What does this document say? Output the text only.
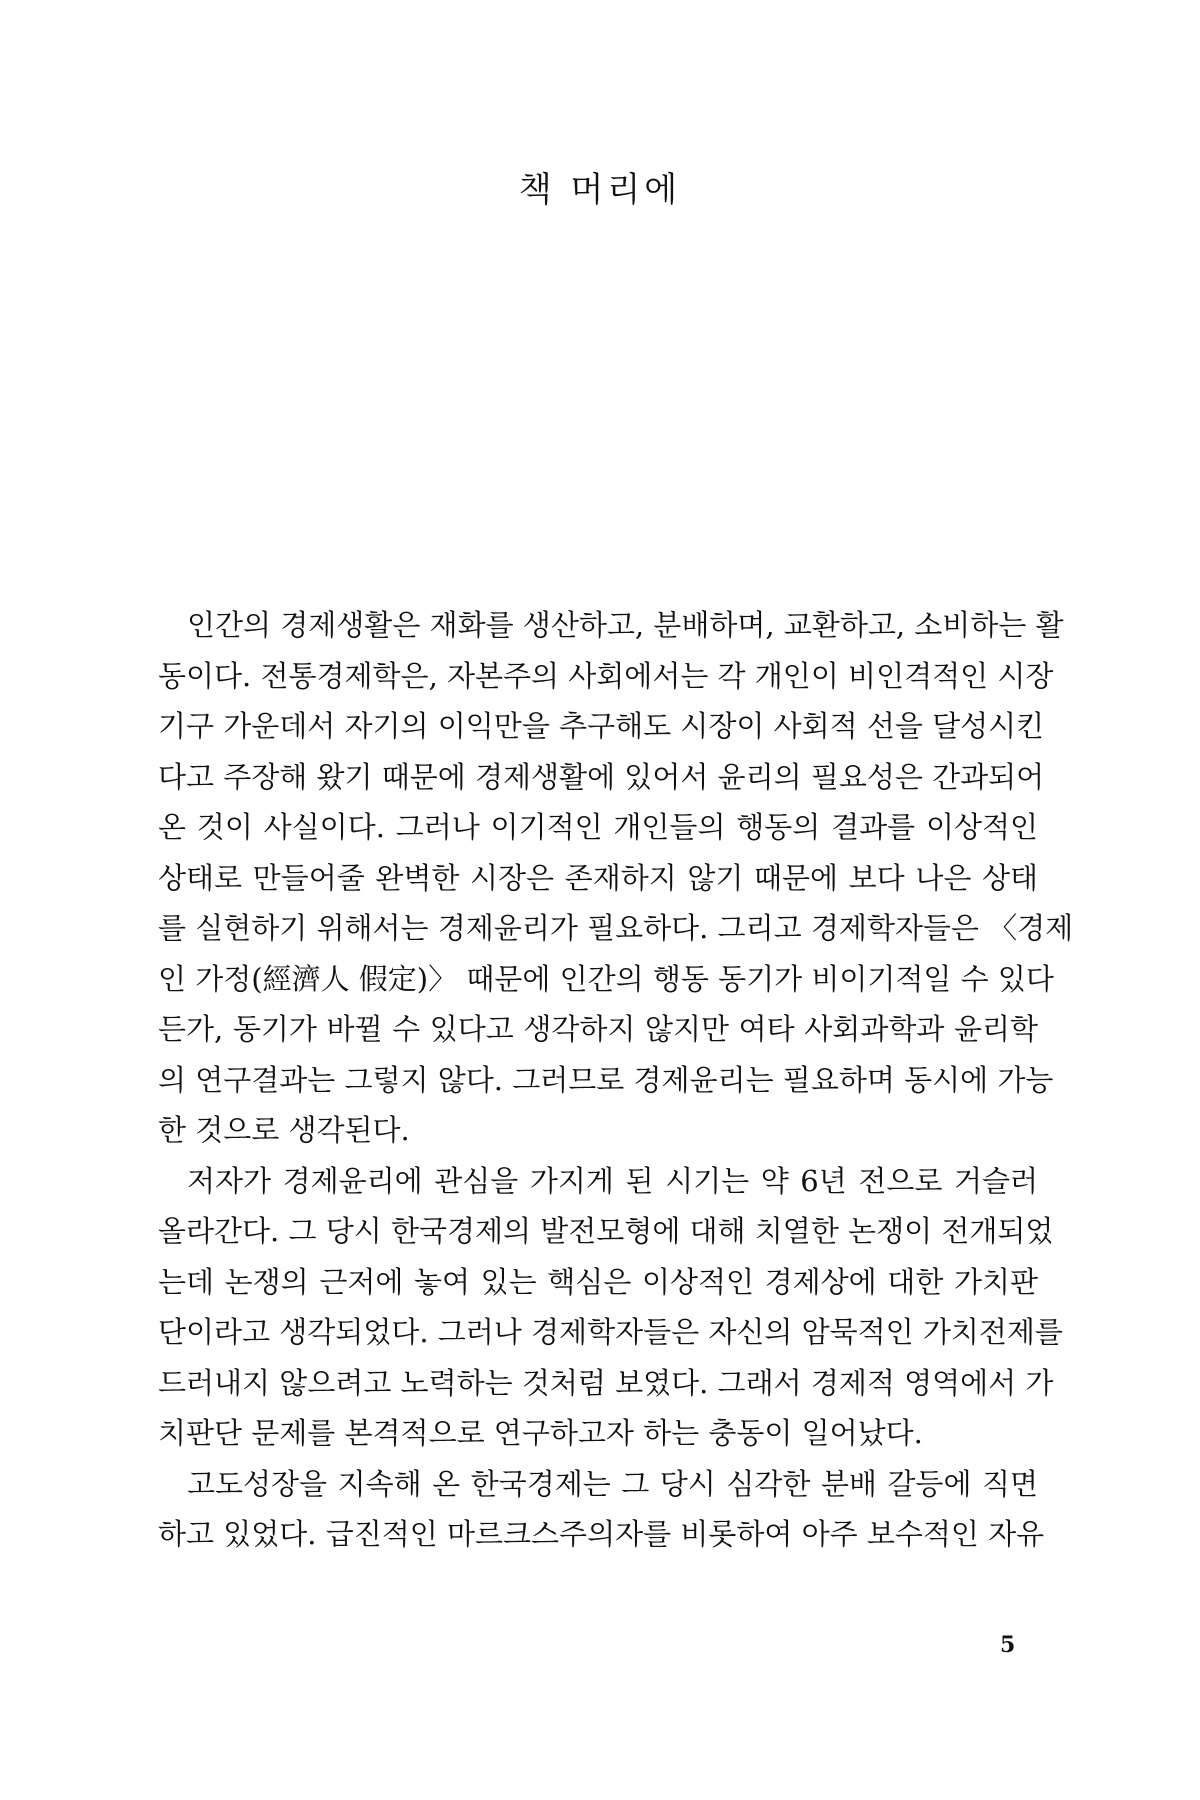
책 머리에

인간의 경제생활은 재화를 생산하고, 분배하며, 교환하고, 소비하는 활
동이다. 전통경제학은, 자본주의 사회에서는 각 개인이 비인격적인 시장
기구 가운데서 자기의 이익만을 추구해도 시장이 사회적 선을 달성시킨
다고 주장해 왔기 때문에 경제생활에 있어서 윤리의 필요성은 간과되어
온 것이 사실이다. 그러나 이기적인 개인들의 행동의 결과를 이상적인
상태로 만들어줄 완벽한 시장은 존재하지 않기 때문에 보다 나은 상태
를 실현하기 위해서는 경제윤리가 필요하다. 그리고 경제학자들은 〈경제
인 가정(經濟人 假定)〉 때문에 인간의 행동 동기가 비이기적일 수 있다
든가, 동기가 바뀔 수 있다고 생각하지 않지만 여타 사회과학과 윤리학
의 연구결과는 그렇지 않다. 그러므로 경제윤리는 필요하며 동시에 가능
한 것으로 생각된다.

저자가 경제윤리에 관심을 가지게 된 시기는 약 6년 전으로 거슬러
올라간다. 그 당시 한국경제의 발전모형에 대해 치열한 논쟁이 전개되었
는데 논쟁의 근저에 놓여 있는 핵심은 이상적인 경제상에 대한 가치판
단이라고 생각되었다. 그러나 경제학자들은 자신의 암묵적인 가치전제를
드러내지 않으려고 노력하는 것처럼 보였다. 그래서 경제적 영역에서 가
치판단 문제를 본격적으로 연구하고자 하는 충동이 일어났다.

고도성장을 지속해 온 한국경제는 그 당시 심각한 분배 갈등에 직면
하고 있었다. 급진적인 마르크스주의자를 비롯하여 아주 보수적인 자유

5
